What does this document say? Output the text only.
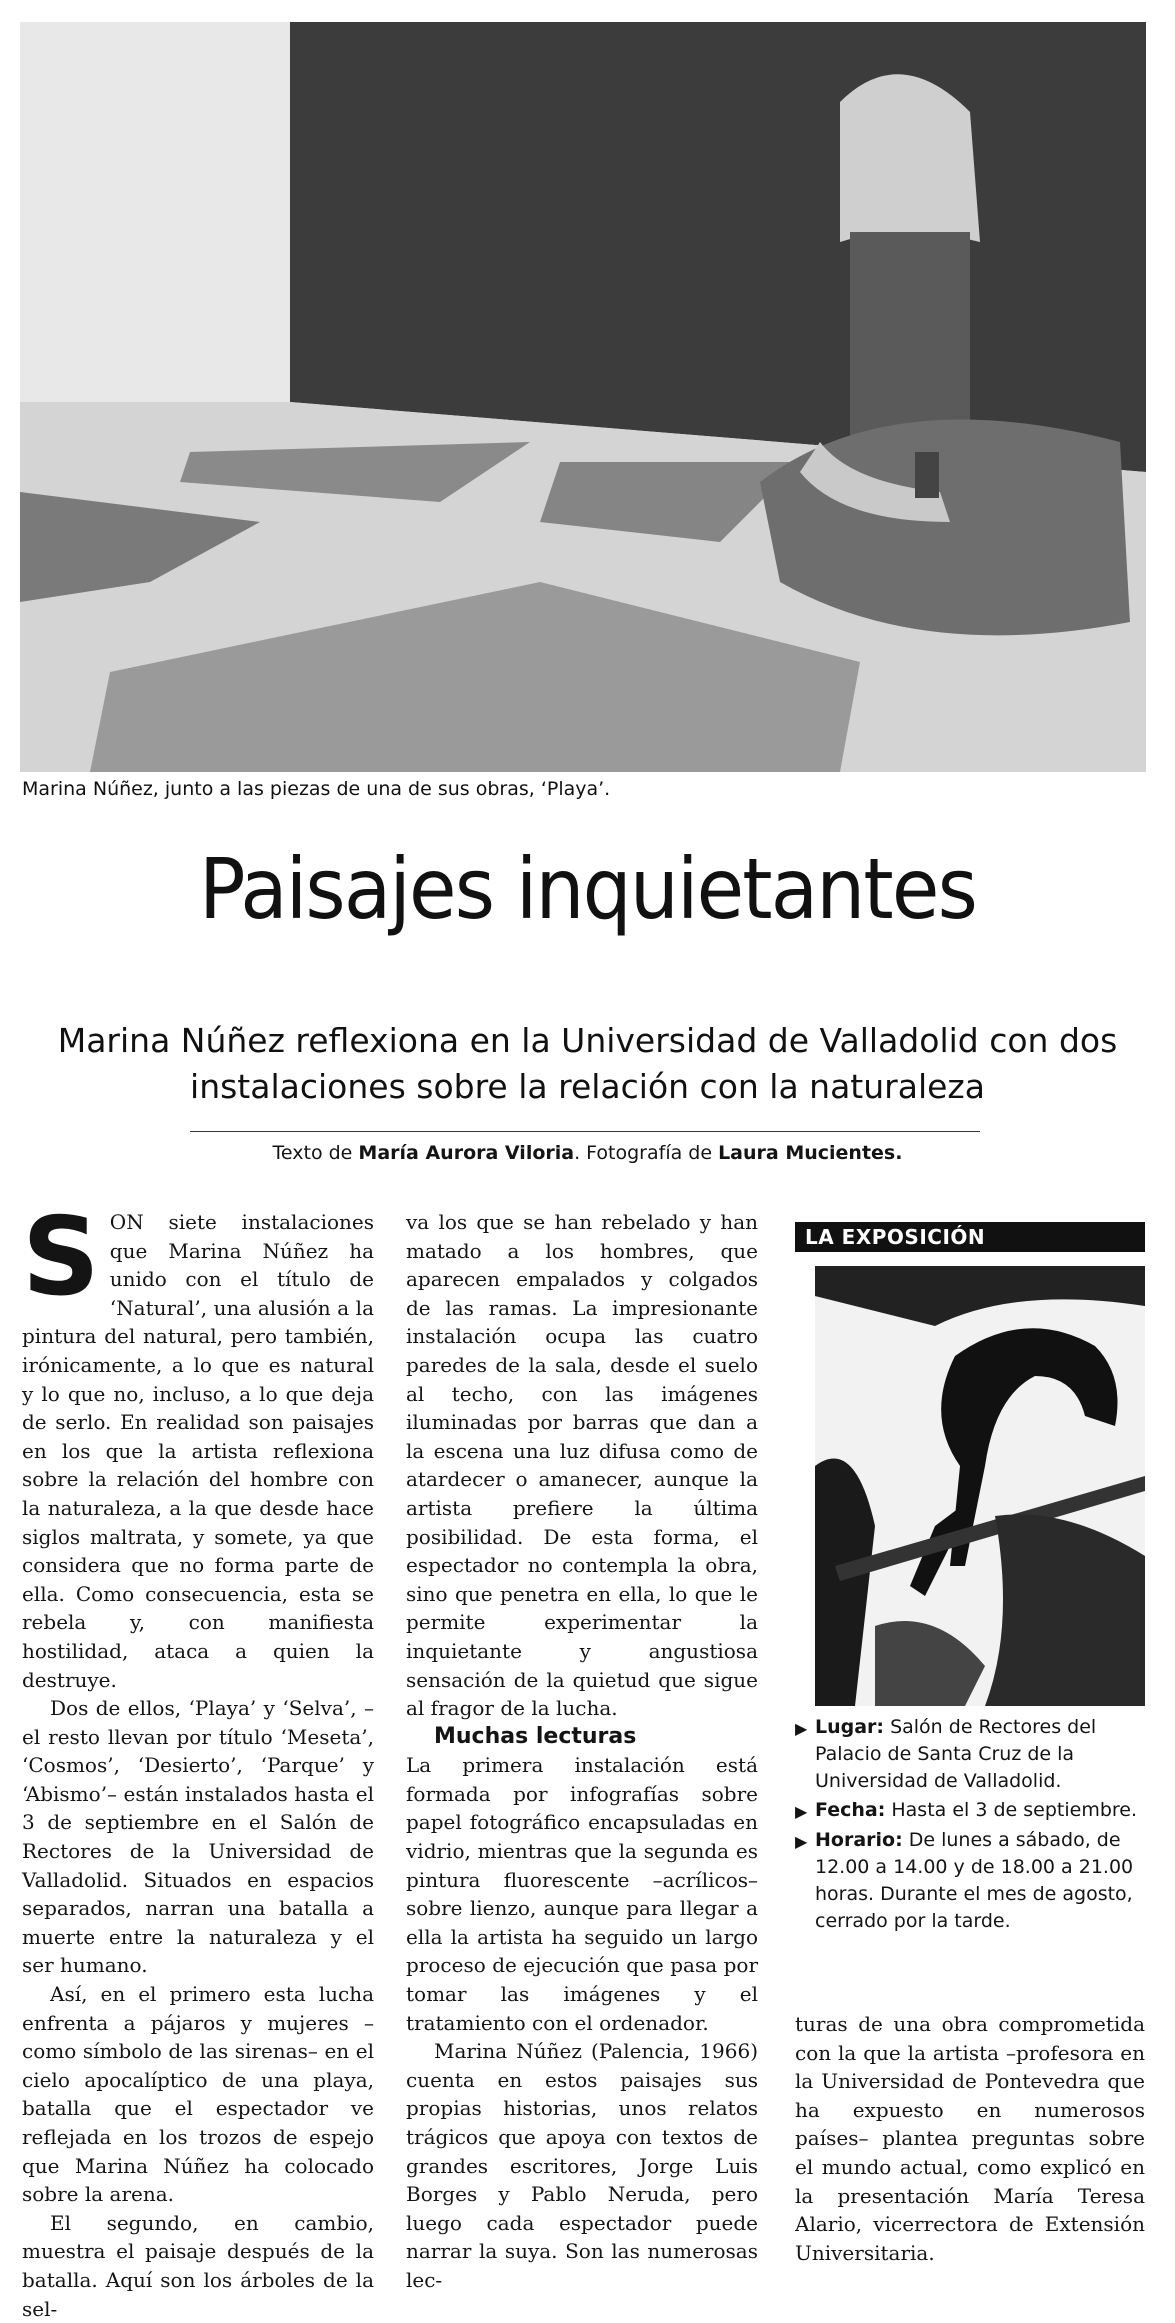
Marina Núñez, junto a las piezas de una de sus obras, ‘Playa’.
Paisajes inquietantes
Marina Núñez reflexiona en la Universidad de Valladolid con dos instalaciones sobre la relación con la naturaleza
Texto de María Aurora Viloria. Fotografía de Laura Mucientes.

SON siete instalaciones que Marina Núñez ha unido con el título de ‘Natural’, una alusión a la pintura del natural, pero también, irónicamente, a lo que es natural y lo que no, incluso, a lo que deja de serlo. En realidad son paisajes en los que la artista reflexiona sobre la relación del hombre con la naturaleza, a la que desde hace siglos maltrata, y somete, ya que considera que no forma parte de ella. Como consecuencia, esta se rebela y, con manifiesta hostilidad, ataca a quien la destruye.

Dos de ellos, ‘Playa’ y ‘Selva’, –el resto llevan por título ‘Meseta’, ‘Cosmos’, ‘Desierto’, ‘Parque’ y ‘Abismo’– están instalados hasta el 3 de septiembre en el Salón de Rectores de la Universidad de Valladolid. Situados en espacios separados, narran una batalla a muerte entre la naturaleza y el ser humano.

Así, en el primero esta lucha enfrenta a pájaros y mujeres –como símbolo de las sirenas– en el cielo apocalíptico de una playa, batalla que el espectador ve reflejada en los trozos de espejo que Marina Núñez ha colocado sobre la arena.

El segundo, en cambio, muestra el paisaje después de la batalla. Aquí son los árboles de la sel-

va los que se han rebelado y han matado a los hombres, que aparecen empalados y colgados de las ramas. La impresionante instalación ocupa las cuatro paredes de la sala, desde el suelo al techo, con las imágenes iluminadas por barras que dan a la escena una luz difusa como de atardecer o amanecer, aunque la artista prefiere la última posibilidad. De esta forma, el espectador no contempla la obra, sino que penetra en ella, lo que le permite experimentar la inquietante y angustiosa sensación de la quietud que sigue al fragor de la lucha.

Muchas lecturas

La primera instalación está formada por infografías sobre papel fotográfico encapsuladas en vidrio, mientras que la segunda es pintura fluorescente –acrílicos– sobre lienzo, aunque para llegar a ella la artista ha seguido un largo proceso de ejecución que pasa por tomar las imágenes y el tratamiento con el ordenador.

Marina Núñez (Palencia, 1966) cuenta en estos paisajes sus propias historias, unos relatos trágicos que apoya con textos de grandes escritores, Jorge Luis Borges y Pablo Neruda, pero luego cada espectador puede narrar la suya. Son las numerosas lec-

LA EXPOSICIÓN
▶ Lugar: Salón de Rectores del Palacio de Santa Cruz de la Universidad de Valladolid.
▶ Fecha: Hasta el 3 de septiembre.
▶ Horario: De lunes a sábado, de 12.00 a 14.00 y de 18.00 a 21.00 horas. Durante el mes de agosto, cerrado por la tarde.

turas de una obra comprometida con la que la artista –profesora en la Universidad de Pontevedra que ha expuesto en numerosos países– plantea preguntas sobre el mundo actual, como explicó en la presentación María Teresa Alario, vicerrectora de Extensión Universitaria.
